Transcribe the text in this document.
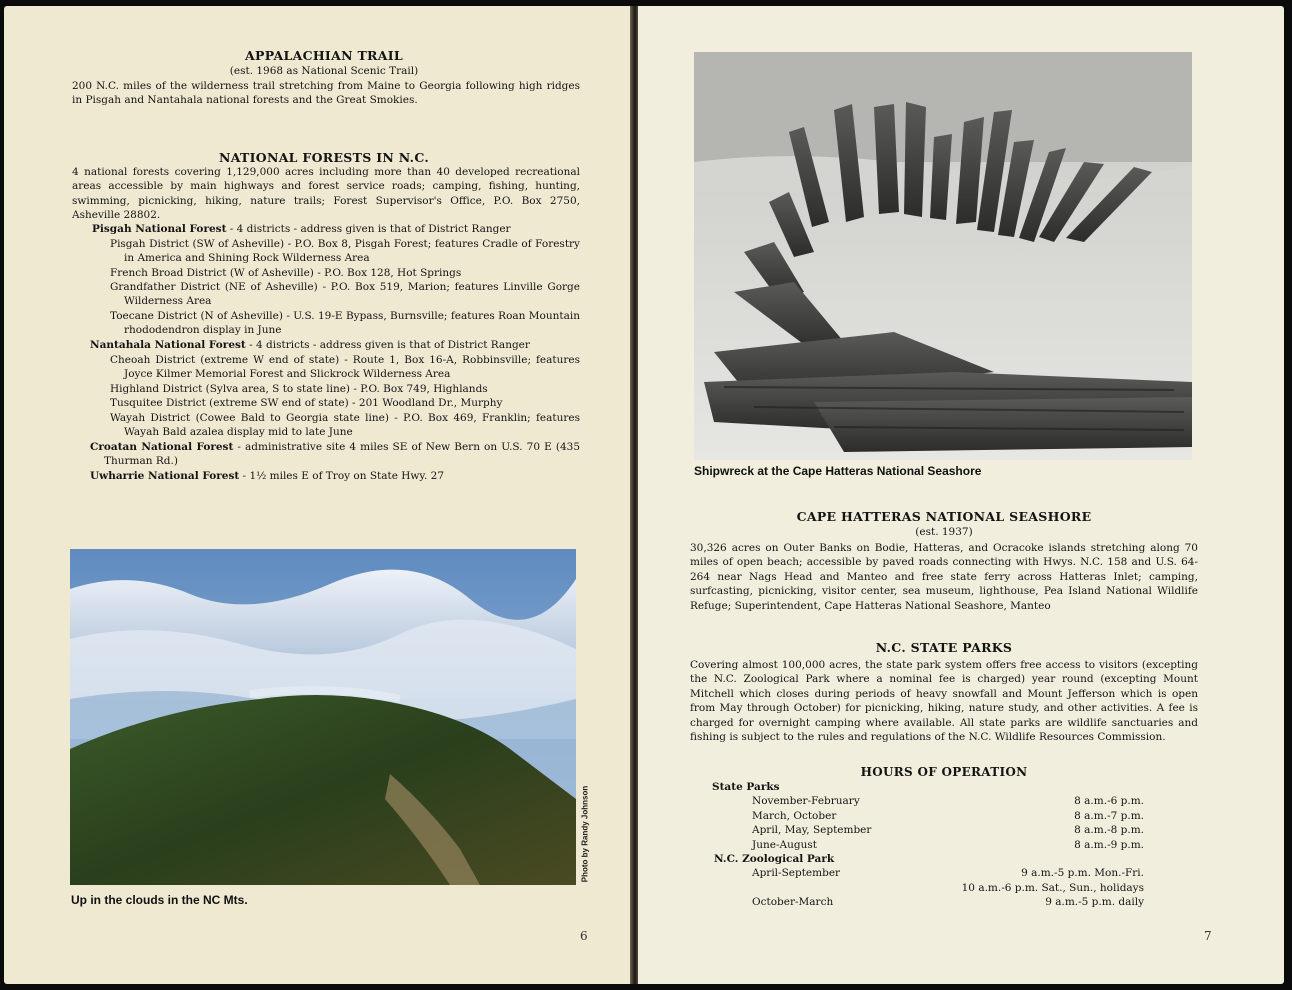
APPALACHIAN TRAIL
(est. 1968 as National Scenic Trail)
200 N.C. miles of the wilderness trail stretching from Maine to Georgia following high ridges in Pisgah and Nantahala national forests and the Great Smokies.
NATIONAL FORESTS IN N.C.
4 national forests covering 1,129,000 acres including more than 40 developed recreational areas accessible by main highways and forest service roads; camping, fishing, hunting, swimming, picnicking, hiking, nature trails; Forest Supervisor's Office, P.O. Box 2750, Asheville 28802.
Pisgah National Forest - 4 districts - address given is that of District Ranger
Pisgah District (SW of Asheville) - P.O. Box 8, Pisgah Forest; features Cradle of Forestry in America and Shining Rock Wilderness Area
French Broad District (W of Asheville) - P.O. Box 128, Hot Springs
Grandfather District (NE of Asheville) - P.O. Box 519, Marion; features Linville Gorge Wilderness Area
Toecane District (N of Asheville) - U.S. 19-E Bypass, Burnsville; features Roan Mountain rhododendron display in June
Nantahala National Forest - 4 districts - address given is that of District Ranger
Cheoah District (extreme W end of state) - Route 1, Box 16-A, Robbinsville; features Joyce Kilmer Memorial Forest and Slickrock Wilderness Area
Highland District (Sylva area, S to state line) - P.O. Box 749, Highlands
Tusquitee District (extreme SW end of state) - 201 Woodland Dr., Murphy
Wayah District (Cowee Bald to Georgia state line) - P.O. Box 469, Franklin; features Wayah Bald azalea display mid to late June
Croatan National Forest - administrative site 4 miles SE of New Bern on U.S. 70 E (435 Thurman Rd.)
Uwharrie National Forest - 1½ miles E of Troy on State Hwy. 27
Photo by Randy Johnson
Up in the clouds in the NC Mts.
6
Shipwreck at the Cape Hatteras National Seashore
CAPE HATTERAS NATIONAL SEASHORE
(est. 1937)
30,326 acres on Outer Banks on Bodie, Hatteras, and Ocracoke islands stretching along 70 miles of open beach; accessible by paved roads connecting with Hwys. N.C. 158 and U.S. 64-264 near Nags Head and Manteo and free state ferry across Hatteras Inlet; camping, surfcasting, picnicking, visitor center, sea museum, lighthouse, Pea Island National Wildlife Refuge; Superintendent, Cape Hatteras National Seashore, Manteo
N.C. STATE PARKS
Covering almost 100,000 acres, the state park system offers free access to visitors (excepting the N.C. Zoological Park where a nominal fee is charged) year round (excepting Mount Mitchell which closes during periods of heavy snowfall and Mount Jefferson which is open from May through October) for picnicking, hiking, nature study, and other activities. A fee is charged for overnight camping where available. All state parks are wildlife sanctuaries and fishing is subject to the rules and regulations of the N.C. Wildlife Resources Commission.
HOURS OF OPERATION
State Parks
November-February	8 a.m.-6 p.m.
March, October	8 a.m.-7 p.m.
April, May, September	8 a.m.-8 p.m.
June-August	8 a.m.-9 p.m.
N.C. Zoological Park
April-September	9 a.m.-5 p.m. Mon.-Fri.
10 a.m.-6 p.m. Sat., Sun., holidays
October-March	9 a.m.-5 p.m. daily
7
